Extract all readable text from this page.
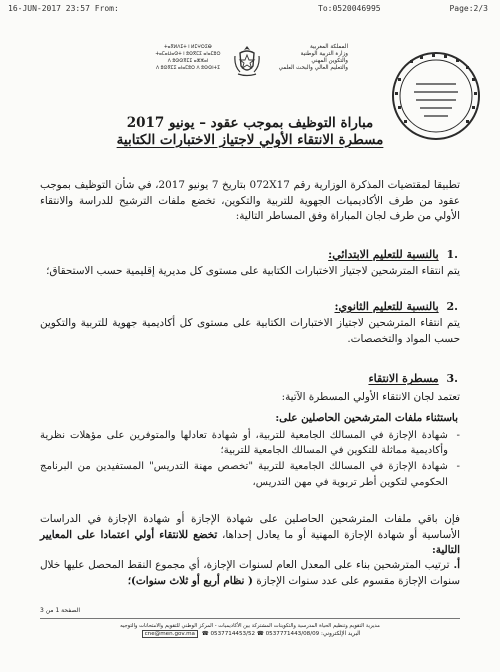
16-JUN-2017 23:57 From:	To:0520046995	Page:2/3
ⵜⴰⴳⵍⴷⵉⵜ ⵏ ⵍⵎⵖⵔⵉⴱ
ⵜⴰⵎⴰⵡⴰⵙⵜ ⵏ ⵓⵙⴳⵎⵉ ⴰⵏⴰⵎⵓⵔ
ⴷ ⵓⵙⵙⴳⵎⵉ ⴰⵣⵣⴰⵏ
ⴷ ⵓⵙⴳⵎⵉ ⴰⵏⴰⵎⵓⵔ ⴷ ⵓⵙⵙⵏⵜⵉ
المملكة المغربية
وزارة التربية الوطنية
والتكوين المهني
والتعليم العالي والبحث العلمي
مباراة التوظيف بموجب عقود – يونيو 2017
مسطرة الانتقاء الأولي لاجتياز الاختبارات الكتابية
تطبيقا لمقتضيات المذكرة الوزارية رقم 072X17 بتاريخ 7 يونيو 2017، في شأن التوظيف بموجب عقود من طرف الأكاديميات الجهوية للتربية والتكوين، تخضع ملفات الترشيح للدراسة والانتقاء الأولي من طرف لجان المباراة وفق المساطر التالية:
.1 بالنسبة للتعليم الابتدائي:
يتم انتقاء المترشحين لاجتياز الاختبارات الكتابية على مستوى كل مديرية إقليمية حسب الاستحقاق؛
.2 بالنسبة للتعليم الثانوي:
يتم انتقاء المترشحين لاجتياز الاختبارات الكتابية على مستوى كل أكاديمية جهوية للتربية والتكوين حسب المواد والتخصصات.
.3 مسطرة الانتقاء
تعتمد لجان الانتقاء الأولي المسطرة الآتية:
باستثناء ملفات المترشحين الحاصلين على:
-
شهادة الإجازة في المسالك الجامعية للتربية، أو شهادة تعادلها والمتوفرين على مؤهلات نظرية وأكاديمية مماثلة للتكوين في المسالك الجامعية للتربية؛
-
شهادة الإجازة في المسالك الجامعية للتربية "تخصص مهنة التدريس" المستفيدين من البرنامج الحكومي لتكوين أطر تربوية في مهن التدريس،
فإن باقي ملفات المترشحين الحاصلين على شهادة الإجازة أو شهادة الإجازة في الدراسات الأساسية أو شهادة الإجازة المهنية أو ما يعادل إحداها، تخضع للانتقاء أولي اعتمادا على المعايير التالية:
أ.ترتيب المترشحين بناء على المعدل العام لسنوات الإجازة، أي مجموع النقط المحصل عليها خلال سنوات الإجازة مقسوم على عدد سنوات الإجازة ( نظام أربع أو ثلاث سنوات)؛
الصفحة 1 من 3
مديرية التقويم وتنظيم الحياة المدرسية والتكوينات المشتركة بين الأكاديميات - المركز الوطني للتقويم والامتحانات والتوجيه
البريد الإلكتروني: cne@men.gov.ma ☎ 0537714453/52 ☎ 0537771443/08/09
